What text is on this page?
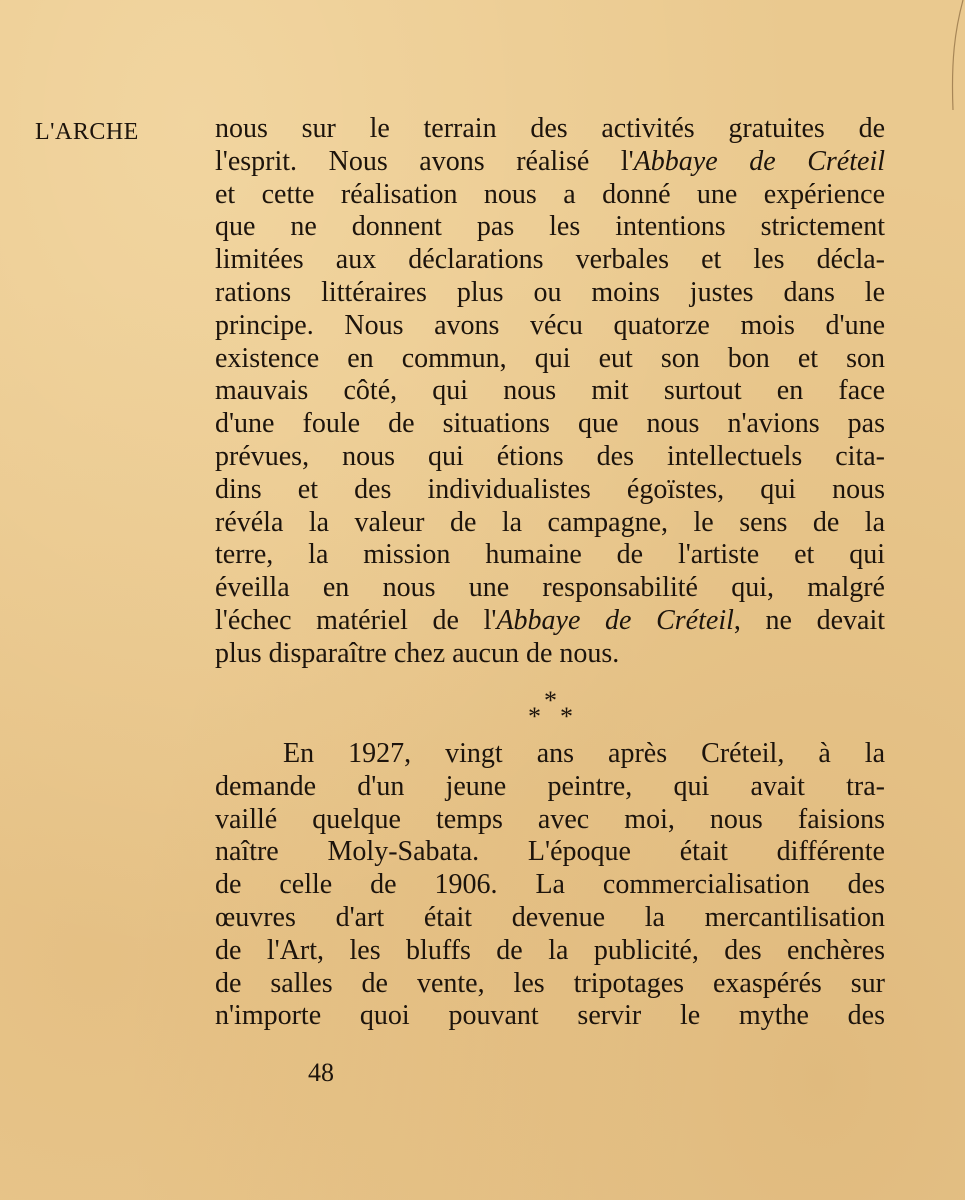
L'ARCHE	nous sur le terrain des activités gratuites de
l'esprit. Nous avons réalisé l'Abbaye de Créteil
et cette réalisation nous a donné une expérience
que ne donnent pas les intentions strictement
limitées aux déclarations verbales et les décla-
rations littéraires plus ou moins justes dans le
principe. Nous avons vécu quatorze mois d'une
existence en commun, qui eut son bon et son
mauvais côté, qui nous mit surtout en face
d'une foule de situations que nous n'avions pas
prévues, nous qui étions des intellectuels cita-
dins et des individualistes égoïstes, qui nous
révéla la valeur de la campagne, le sens de la
terre, la mission humaine de l'artiste et qui
éveilla en nous une responsabilité qui, malgré
l'échec matériel de l'Abbaye de Créteil, ne devait
plus disparaître chez aucun de nous.
*
* *
En 1927, vingt ans après Créteil, à la
demande d'un jeune peintre, qui avait tra-
vaillé quelque temps avec moi, nous faisions
naître Moly-Sabata. L'époque était différente
de celle de 1906. La commercialisation des
œuvres d'art était devenue la mercantilisation
de l'Art, les bluffs de la publicité, des enchères
de salles de vente, les tripotages exaspérés sur
n'importe quoi pouvant servir le mythe des
48
